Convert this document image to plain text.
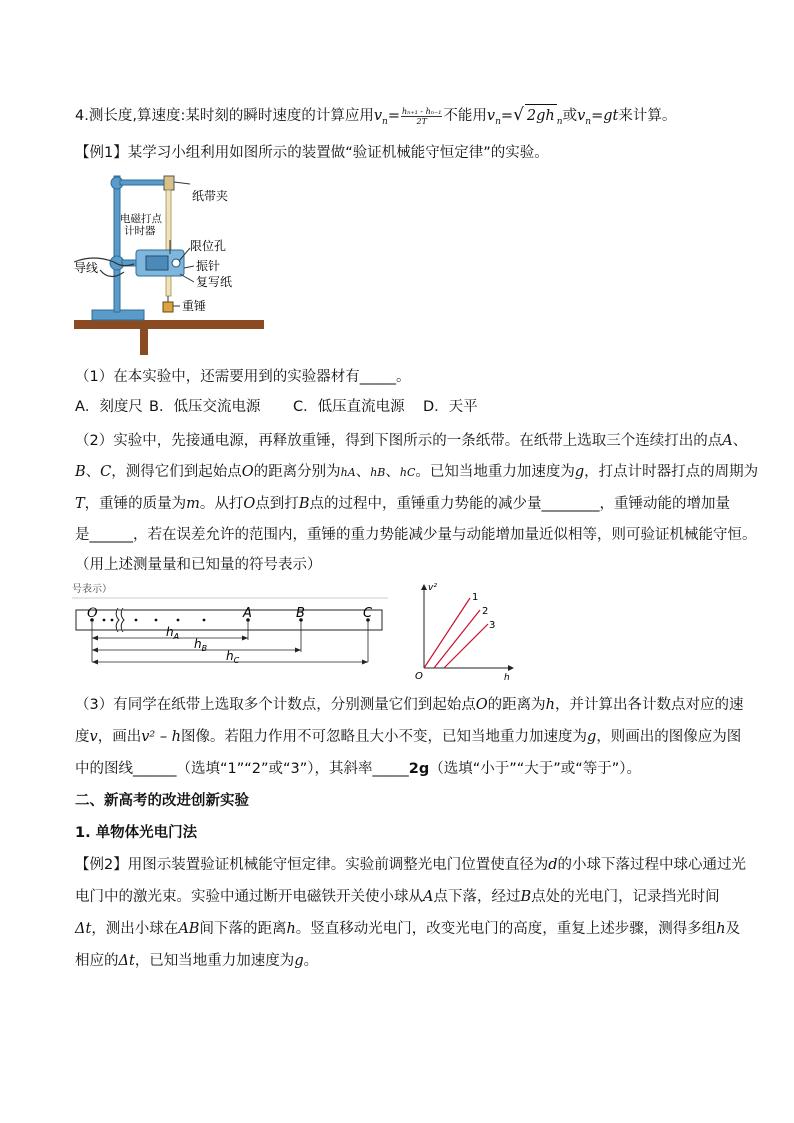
4.测长度,算速度:某时刻的瞬时速度的计算应用$v_n= \frac{\text{hₙ₊₁ - hₙ₋₁}}{2T}$ 不能用$v_n=√$ 2gh $_n$或$v_n=gt$来计算。
【例1】某学习小组利用如图所示的装置做“验证机械能守恒定律”的实验。
纸带夹
电磁打点
计时器
限位孔
导线	振针
复写纸
重锤
（1）在本实验中，还需要用到的实验器材有_____。
A．刻度尺 B．低压交流电源 C．低压直流电源 D．天平
（2）实验中，先接通电源，再释放重锤，得到下图所示的一条纸带。在纸带上选取三个连续打出的点A、
B、C，测得它们到起始点O的距离分别为hA、hB、hC。已知当地重力加速度为g，打点计时器打点的周期为
T，重锤的质量为m。从打O点到打B点的过程中，重锤重力势能的减少量________，重锤动能的增加量
是______，若在误差允许的范围内，重锤的重力势能减少量与动能增加量近似相等，则可验证机械能守恒。
（用上述测量量和已知量的符号表示）
号表示）
O	A	B	C
$h_A$
$h_B$
$h_C$
v²
h
O
1
2
3
（3）有同学在纸带上选取多个计数点，分别测量它们到起始点O的距离为h，并计算出各计数点对应的速
度v，画出v² – h图像。若阻力作用不可忽略且大小不变，已知当地重力加速度为g，则画出的图像应为图
中的图线______（选填“1”“2”或“3”），其斜率_____2g（选填“小于”“大于”或“等于”）。
二、新高考的改进创新实验
1. 单物体光电门法
【例2】用图示装置验证机械能守恒定律。实验前调整光电门位置使直径为d的小球下落过程中球心通过光
电门中的激光束。实验中通过断开电磁铁开关使小球从A点下落，经过B点处的光电门，记录挡光时间
Δt，测出小球在AB间下落的距离h。竖直移动光电门，改变光电门的高度，重复上述步骤，测得多组h及
相应的Δt，已知当地重力加速度为g。
